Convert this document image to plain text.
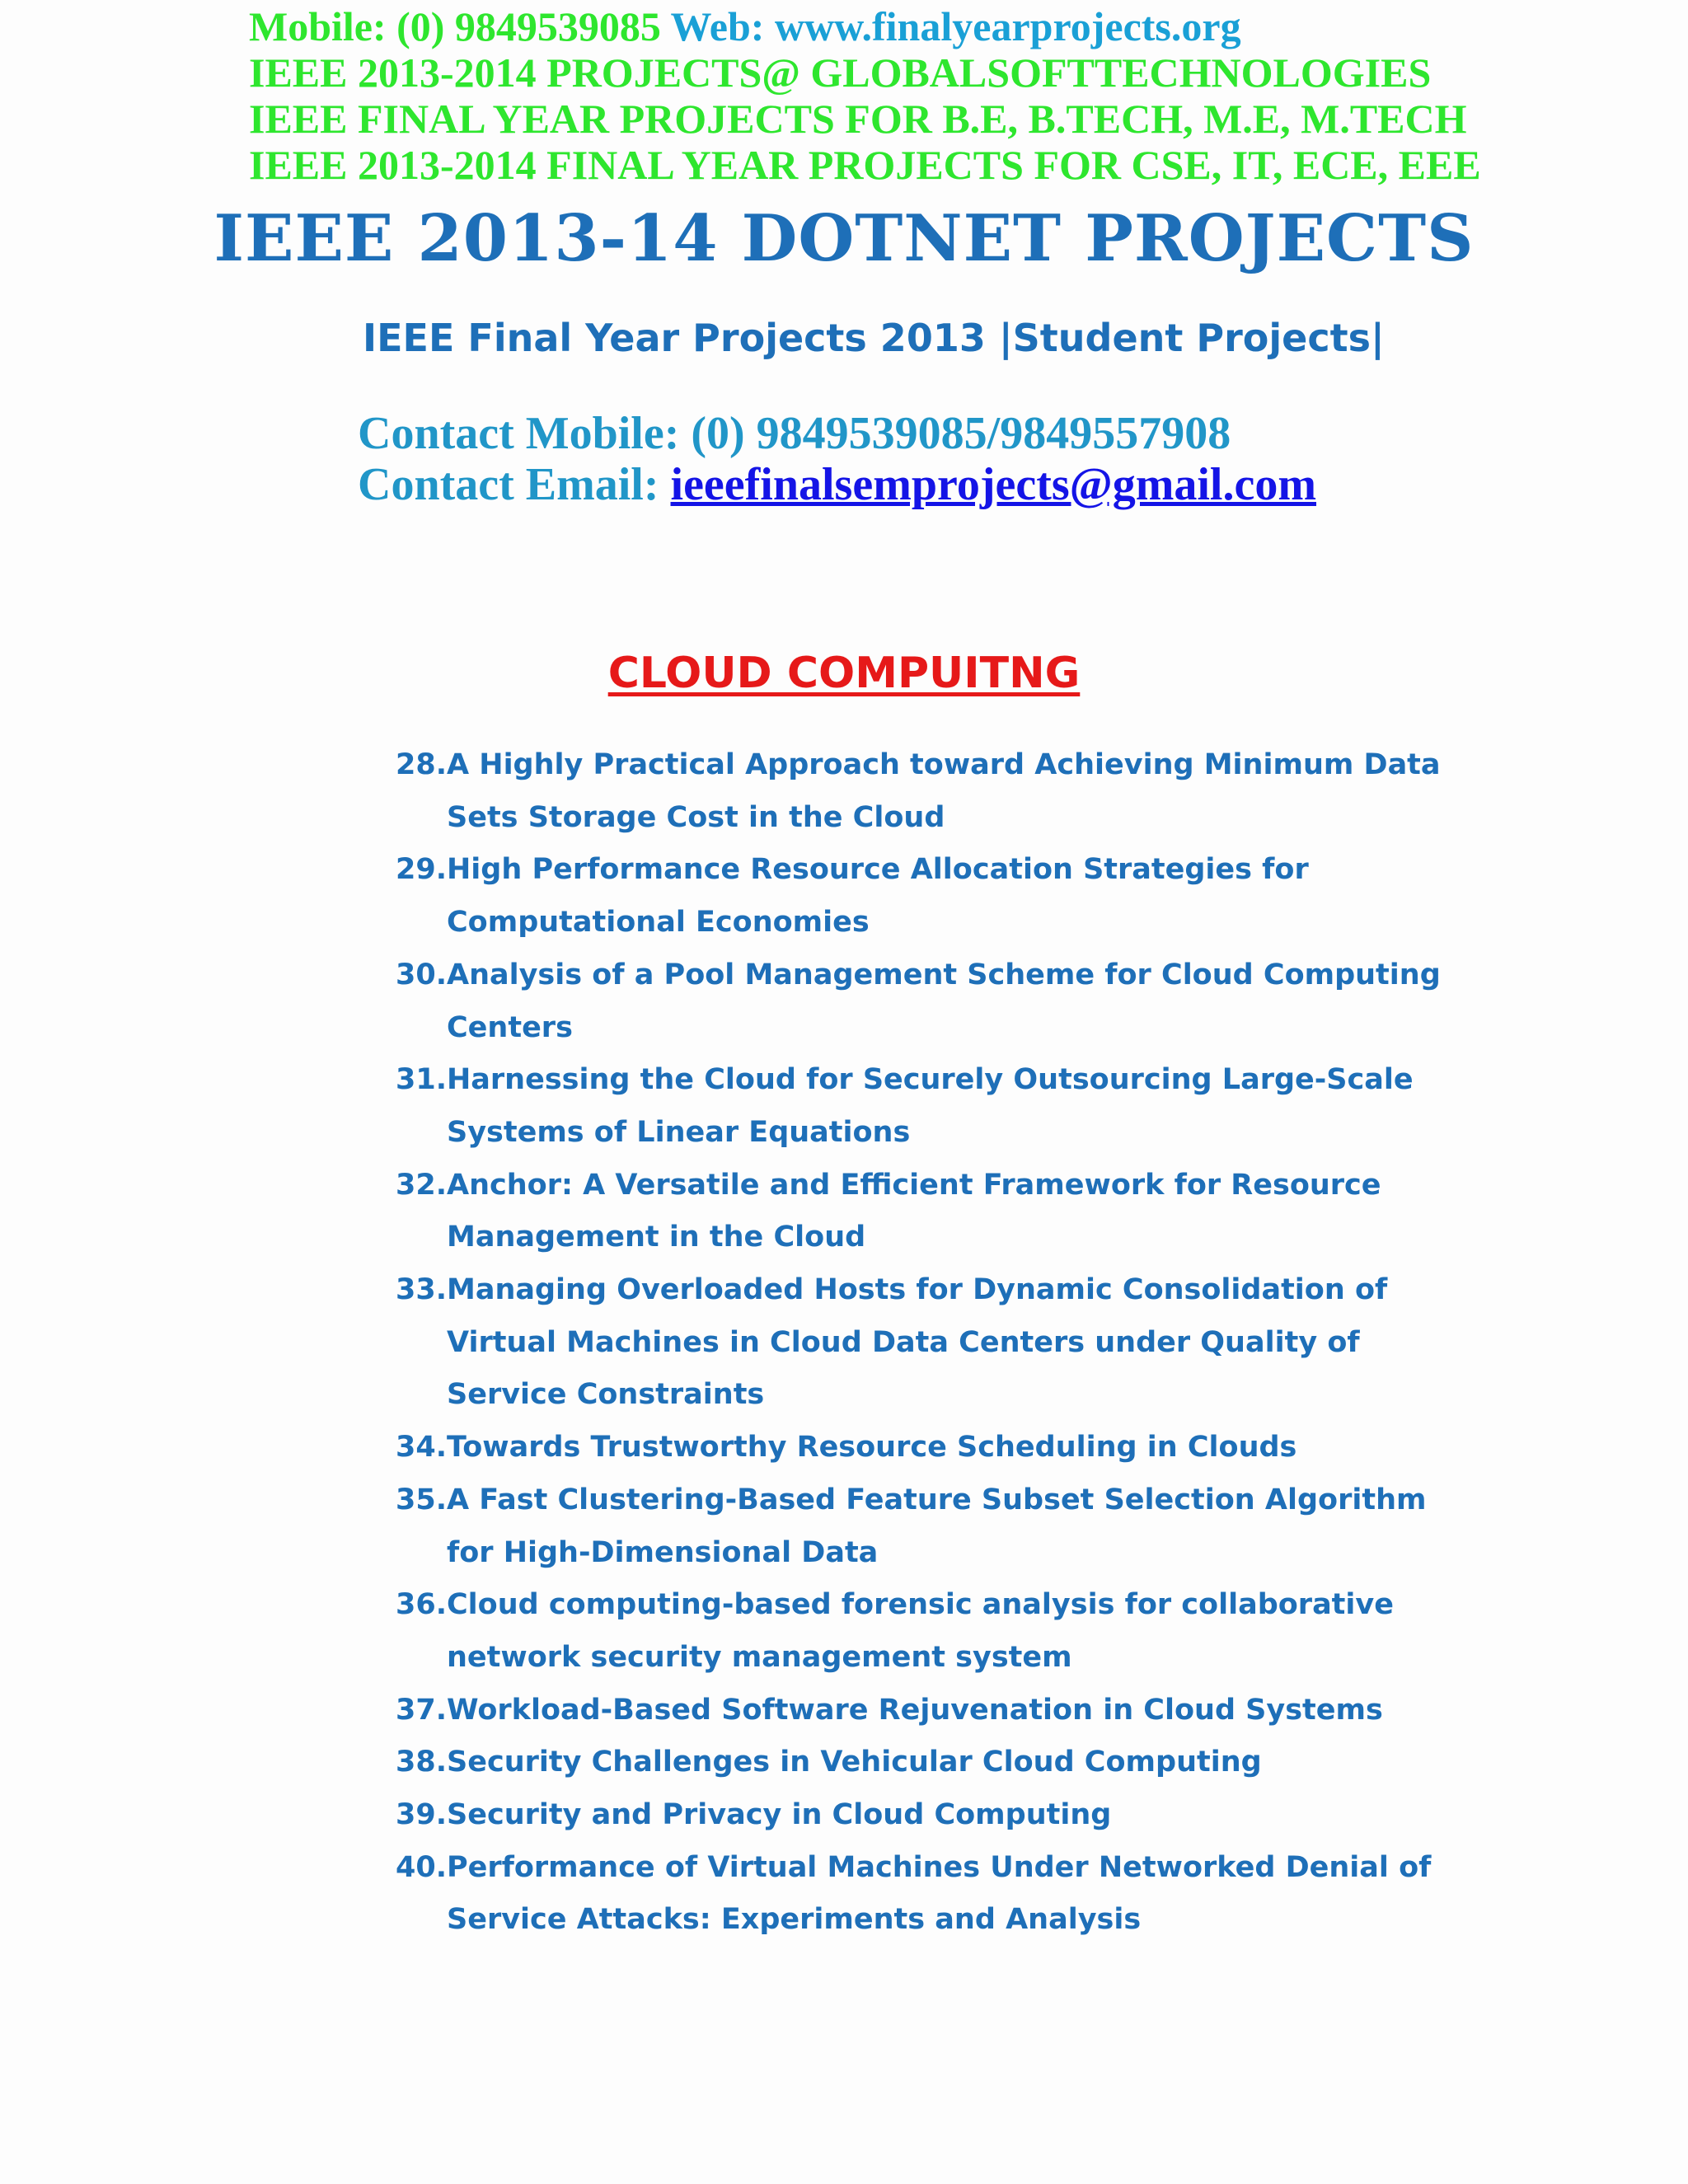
Mobile: (0) 9849539085 Web: www.finalyearprojects.org
IEEE 2013-2014 PROJECTS@ GLOBALSOFTTECHNOLOGIES
IEEE FINAL YEAR PROJECTS FOR B.E, B.TECH, M.E, M.TECH
IEEE 2013-2014 FINAL YEAR PROJECTS FOR CSE, IT, ECE, EEE
IEEE 2013-14 DOTNET PROJECTS
IEEE Final Year Projects 2013 |Student Projects|
Contact Mobile: (0) 9849539085/9849557908
Contact Email: ieeefinalsemprojects@gmail.com
CLOUD COMPUITNG
28. A Highly Practical Approach toward Achieving Minimum Data Sets Storage Cost in the Cloud
29. High Performance Resource Allocation Strategies for Computational Economies
30. Analysis of a Pool Management Scheme for Cloud Computing Centers
31. Harnessing the Cloud for Securely Outsourcing Large-Scale Systems of Linear Equations
32. Anchor: A Versatile and Efficient Framework for Resource Management in the Cloud
33. Managing Overloaded Hosts for Dynamic Consolidation of Virtual Machines in Cloud Data Centers under Quality of Service Constraints
34. Towards Trustworthy Resource Scheduling in Clouds
35. A Fast Clustering-Based Feature Subset Selection Algorithm for High-Dimensional Data
36. Cloud computing-based forensic analysis for collaborative network security management system
37. Workload-Based Software Rejuvenation in Cloud Systems
38. Security Challenges in Vehicular Cloud Computing
39. Security and Privacy in Cloud Computing
40. Performance of Virtual Machines Under Networked Denial of Service Attacks: Experiments and Analysis
